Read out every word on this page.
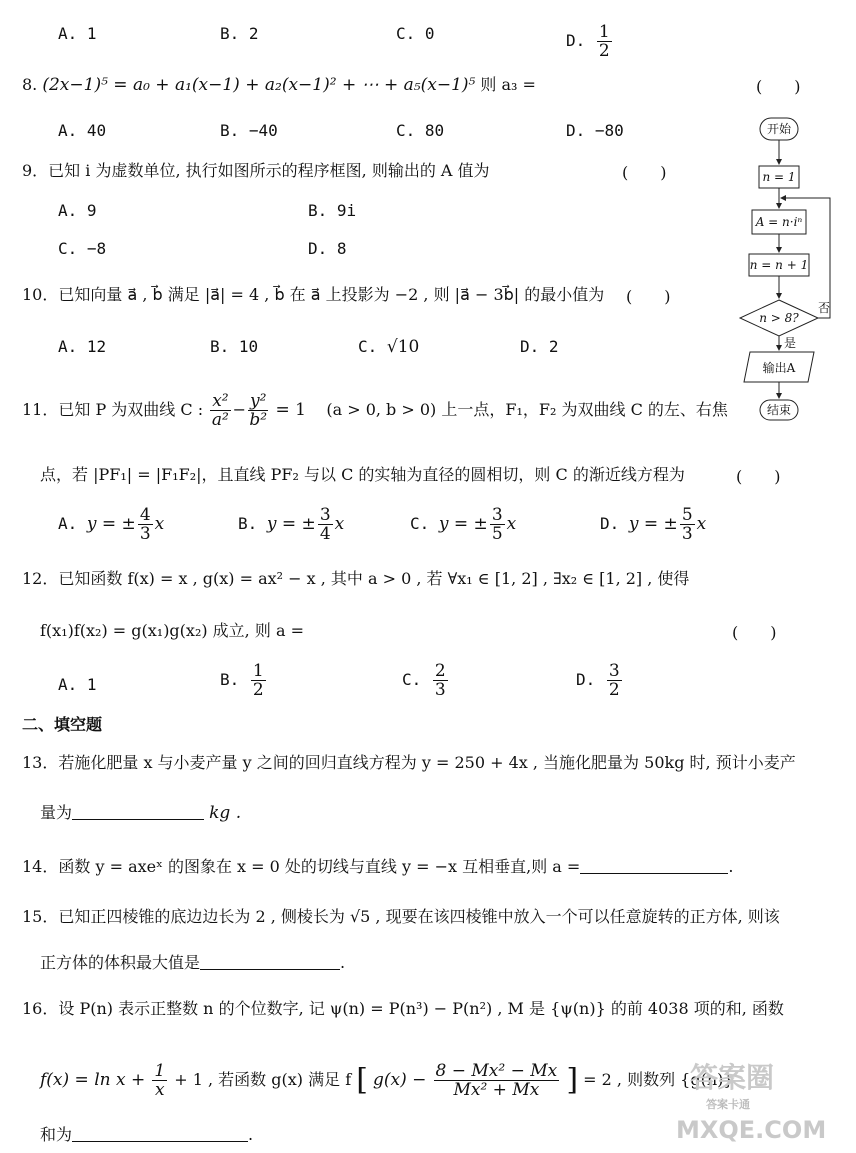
A. 1	B. 2	C. 0	D. $\frac{1}{2}$
8. (2x−1)⁵ = a₀ + a₁(x−1) + a₂(x−1)² + ⋯ + a₅(x−1)⁵ 则 a₃ =	(　　)
A. 40	B. −40	C. 80	D. −80
9．已知 i 为虚数单位, 执行如图所示的程序框图, 则输出的 A 值为	(　　)
A. 9	B. 9i
C. −8	D. 8
10．已知向量 a⃗ , b⃗ 满足 |a⃗| = 4 , b⃗ 在 a⃗ 上投影为 −2 , 则 |a⃗ − 3b⃗| 的最小值为 (　　)
A. 12	B. 10	C. √10	D. 2
11．已知 P 为双曲线 C : $\frac{\text{x²}}{\text{a²}} - \frac{\text{y²}}{\text{b²}} = 1$ (a > 0, b > 0) 上一点，F₁，F₂ 为双曲线 C 的左、右焦
点，若 |PF₁| = |F₁F₂|，且直线 PF₂ 与以 C 的实轴为直径的圆相切，则 C 的渐近线方程为	(　　)
A. y = ± $\frac{4}{3}$ x	B. y = ± $\frac{3}{4}$ x	C. y = ± $\frac{3}{5}$ x	D. y = ± $\frac{5}{3}$ x
12．已知函数 f(x) = x , g(x) = ax² − x , 其中 a > 0 , 若 ∀x₁ ∈ [1, 2] , ∃x₂ ∈ [1, 2] , 使得
f(x₁)f(x₂) = g(x₁)g(x₂) 成立, 则 a =	(　　)
A. 1	B. $\frac{1}{2}$	C. $\frac{2}{3}$	D. $\frac{3}{2}$
二、填空题
13．若施化肥量 x 与小麦产量 y 之间的回归直线方程为 y = 250 + 4x , 当施化肥量为 50kg 时, 预计小麦产
量为	kg .
14．函数 y = axeˣ 的图象在 x = 0 处的切线与直线 y = −x 互相垂直,则 a =	.
15．已知正四棱锥的底边边长为 2 , 侧棱长为 √5 , 现要在该四棱锥中放入一个可以任意旋转的正方体, 则该
正方体的体积最大值是	.
16．设 P(n) 表示正整数 n 的个位数字, 记 ψ(n) = P(n³) − P(n²) , M 是 {ψ(n)} 的前 4038 项的和, 函数
$f(x) = \ln x + \frac{1}{x} + 1$ , 若函数 g(x) 满足 f [ $g(x) - \frac{\text{8 − Mx² − Mx}}{\text{Mx² + Mx}}$ ] = 2 , 则数列 {g(n)}
和为	.
开始
n = 1
A = n·iⁿ
n = n + 1
n > 8?
否
是
输出A
结束
答案圈
答案卡通
MXQE.COM
